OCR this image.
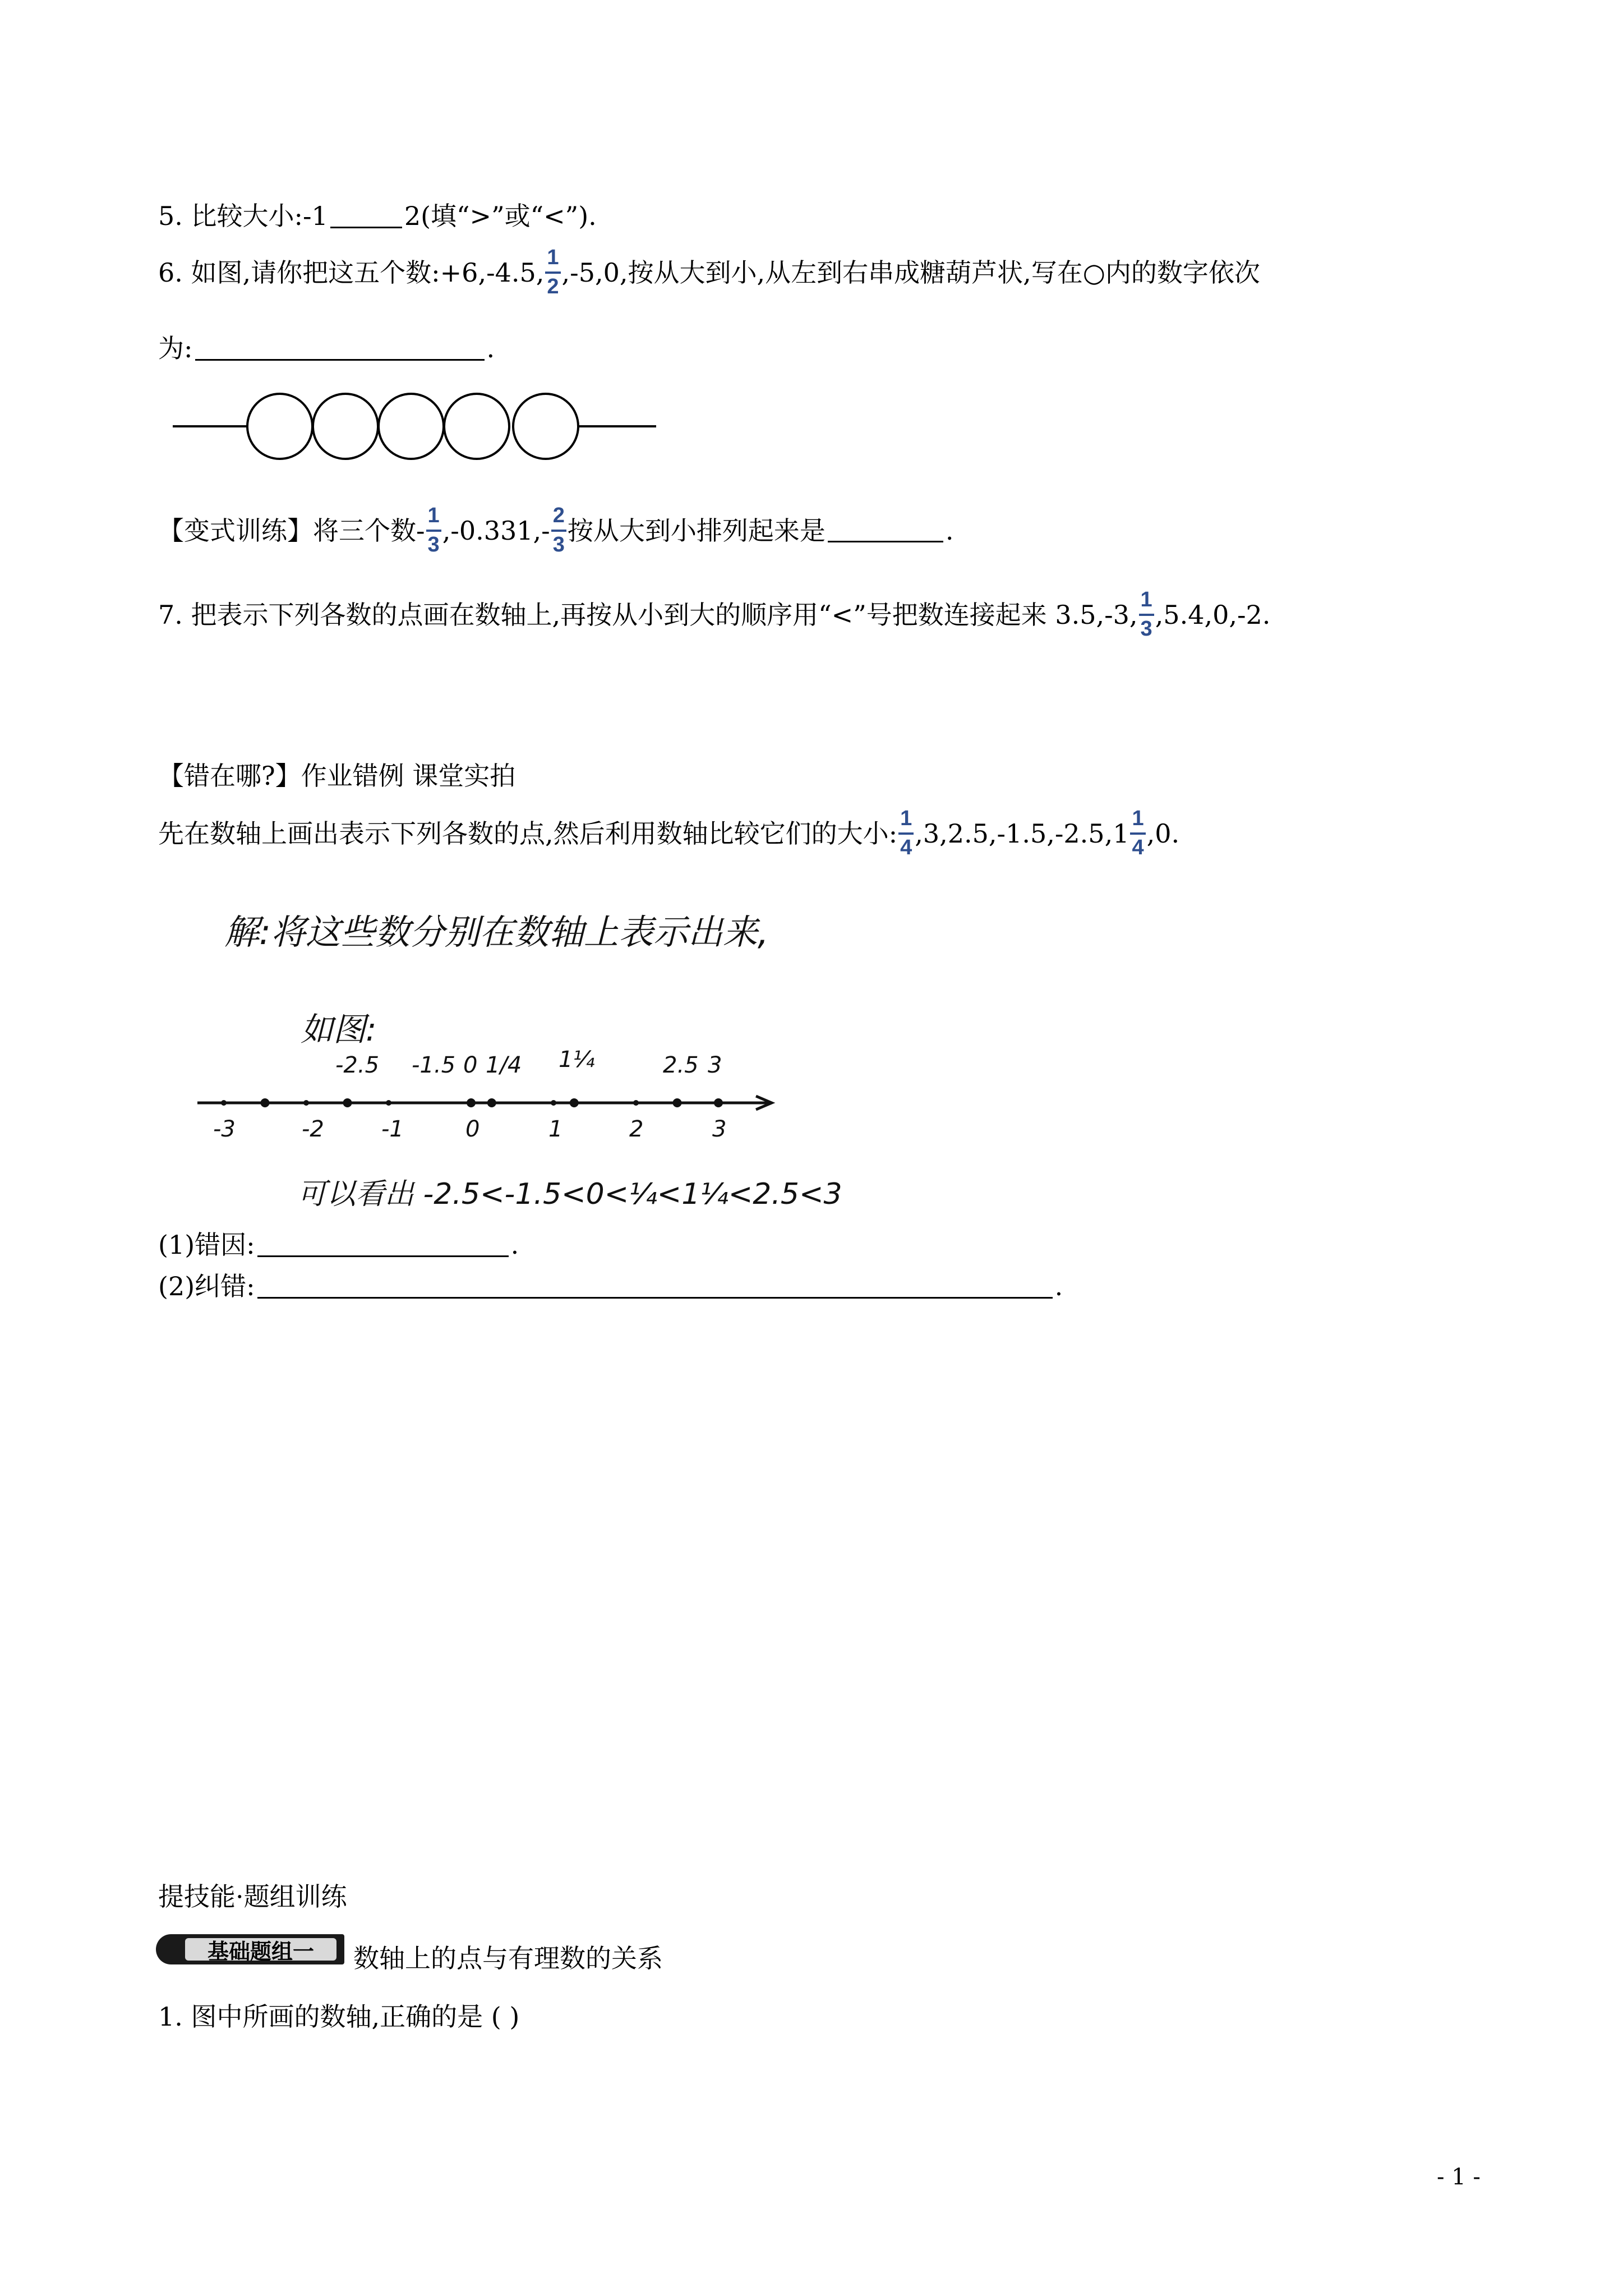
5. 比较大小:-1	2(填“>”或“<”).
6. 如图,请你把这五个数:+6,-4.5, $\frac{1}{2} ,-5,0$,按从大到小,从左到右串成糖葫芦状,写在○内的数字依次
为:	.
【变式训练】 将三个数- $\frac{1}{3} ,-0.331,- \frac{2}{3}$ 按从大到小排列起来是	.
7. 把表示下列各数的点画在数轴上,再按从小到大的顺序用“<”号把数连接起来 3.5,-3, $\frac{1}{3} ,5.4,0,-2$.
【错在哪?】作业错例 课堂实拍
先在数轴上画出表示下列各数的点,然后利用数轴比较它们的大小: $\frac{1}{4} ,3,2.5,-1.5,-2.5,1 \frac{1}{4} ,0$.
解:将这些数分别在数轴上表示出来,
如图:
-2.5 -1.5 0 1/4 1¼	2.5 3
-3	-2	-1	0	1	2	3
可以看出 -2.5<-1.5<0<¼<1¼<2.5<3
(1)错因:	.
(2)纠错:	.
提技能·题组训练
基础题组一	数轴上的点与有理数的关系
1. 图中所画的数轴,正确的是 ( )
- 1 -
